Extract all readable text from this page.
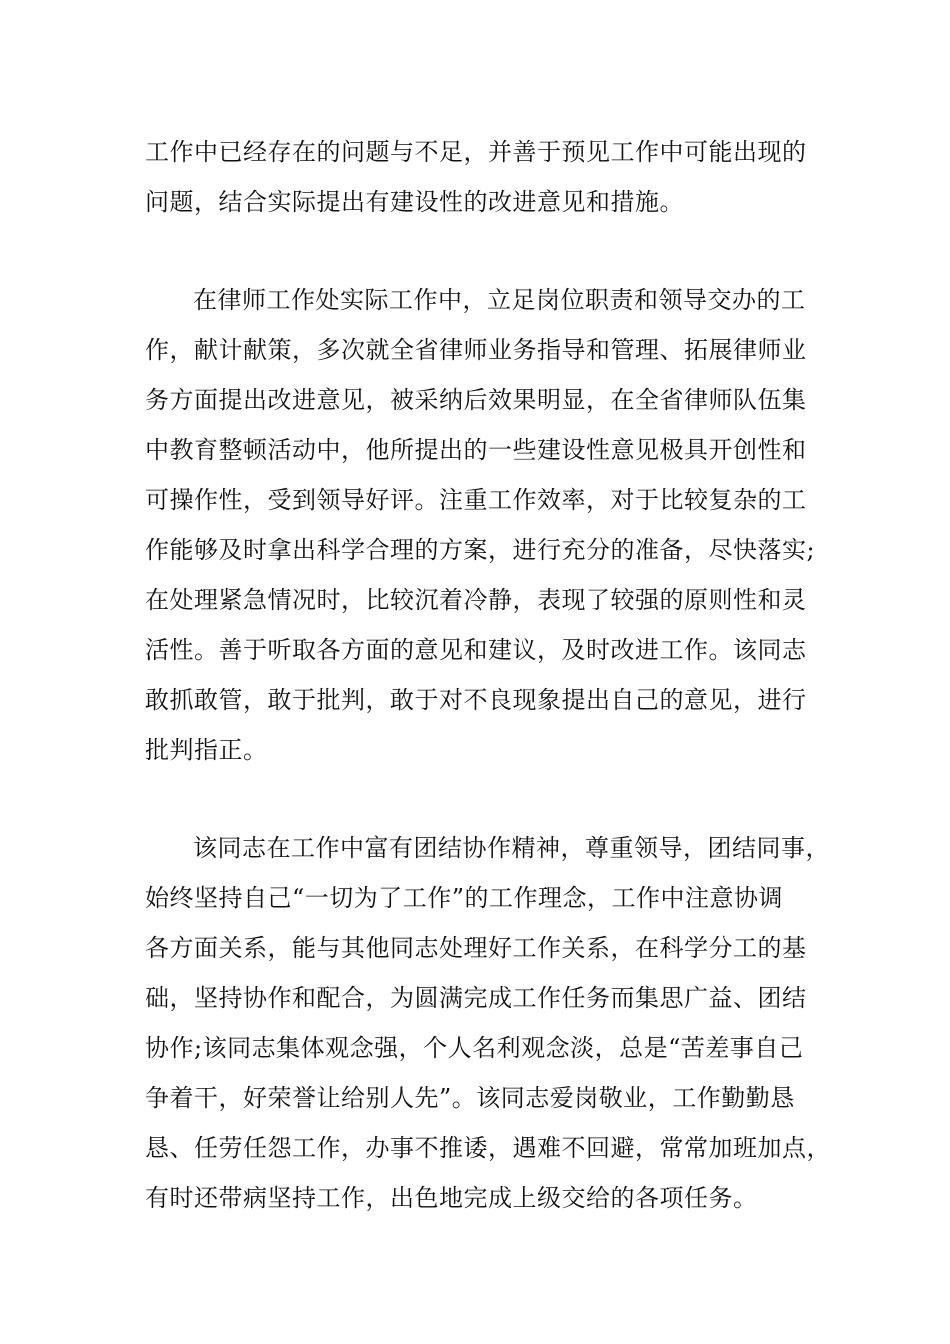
工作中已经存在的问题与不足，并善于预见工作中可能出现的
问题，结合实际提出有建设性的改进意见和措施。
在律师工作处实际工作中，立足岗位职责和领导交办的工
作，献计献策，多次就全省律师业务指导和管理、拓展律师业
务方面提出改进意见，被采纳后效果明显，在全省律师队伍集
中教育整顿活动中，他所提出的一些建设性意见极具开创性和
可操作性，受到领导好评。注重工作效率，对于比较复杂的工
作能够及时拿出科学合理的方案，进行充分的准备，尽快落实;
在处理紧急情况时，比较沉着冷静，表现了较强的原则性和灵
活性。善于听取各方面的意见和建议，及时改进工作。该同志
敢抓敢管，敢于批判，敢于对不良现象提出自己的意见，进行
批判指正。
该同志在工作中富有团结协作精神，尊重领导，团结同事，
始终坚持自己“一切为了工作”的工作理念，工作中注意协调
各方面关系，能与其他同志处理好工作关系，在科学分工的基
础，坚持协作和配合，为圆满完成工作任务而集思广益、团结
协作;该同志集体观念强，个人名利观念淡，总是“苦差事自己
争着干，好荣誉让给别人先”。该同志爱岗敬业，工作勤勤恳
恳、任劳任怨工作，办事不推诿，遇难不回避，常常加班加点，
有时还带病坚持工作，出色地完成上级交给的各项任务。
